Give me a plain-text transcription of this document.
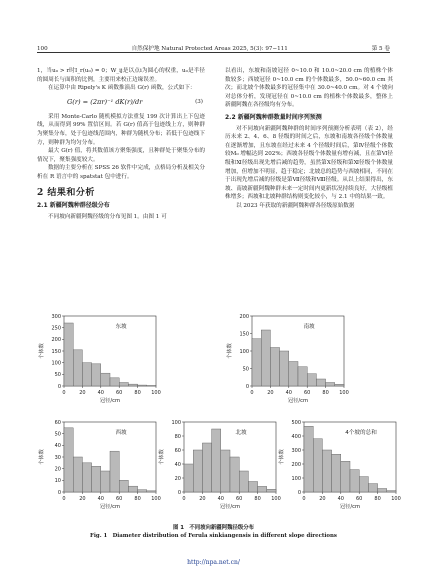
100	自然保护地 Natural Protected Areas 2025, 5(3): 97−111	第 5 卷

1，当u₀ > r时I_r(u₀) = 0；W_ij是以点i为圆心的权重，u₀是半径的圆周长与面积的比例，主要用来校正边缘误差。

在运算中由 Ripely's K 函数推演出 G(r) 函数，公式如下：

G(r) = (2πr)⁻¹ dK(r)/dr	(3)

采用 Monte-Carlo 随机模拟方法重复 199 次计算出上下包迹线，从而得到 99% 置信区间。若 G(r) 值高于包迹线上方，则种群为聚集分布，处于包迹线范围内，种群为随机分布；若低于包迹线下方，则种群为均匀分布。

最大 G(r) 值，将其数值该方聚集强度，且种群处于聚集分布的情况下，聚集强度较大。

数据的主要分析在 SPSS 26 软件中完成，点格局分析及相关分析在 R 语言中的 spatstat 包中进行。

2 结果和分析
2.1 新疆阿魏种群径级分布

不同坡向新疆阿魏径级的分布见图 1。由图 1 可

以看出，东坡和南坡冠径 0~10.0 和 10.0~20.0 cm 的植株个体数较多；西坡冠径 0~10.0 cm 的个体数最多，50.0~60.0 cm 其次；而北坡个体数最多的冠径集中在 30.0~40.0 cm。对 4 个坡向对总体分析，发现冠径在 0~10.0 cm 的植株个体数最多，整体上新疆阿魏在各径级均有分布。

2.2 新疆阿魏种群数量时间序列预测

对不同坡向新疆阿魏种群的时间序列预测分析表明（表 2），经历未来 2、4、6、8 径级的时间之后，东坡和南坡各径级个体数量在逐渐增加，且东坡在经过未来 4 个径级时间后，第Ⅳ径级个体数较M₀ 增幅达到 202%；西坡各径级个体数量有增有减，且在第Ⅵ径级和Ⅺ径级出现先增后减的趋势，虽然第Ⅹ径级和第Ⅺ径级个体数量增加，但增加不明显，趋于稳定；北坡总的趋势与西坡相同，不同在于出现先增后减的径级是第Ⅶ径级和Ⅷ径级。从以上结果得出，东坡、南坡新疆阿魏种群未来一定时间内更新状况持续良好，大径级植株增多；西坡和北坡种群结构则变化较小，与 2.1 中的结果一致。

以 2023 年获取的新疆阿魏种群各径级原始数据

0	20 40 60 80 100
0
50
100
150
200
250
300
冠径/cm
个体数
东坡
0	20 40 60 80 100
0
50
100
150
200
冠径/cm
个体数
南坡
0	20 40 60 80 100
0
10
20
30
40
50
60
冠径/cm
个体数
西坡
0	20 40 60 80 100
0
20
40
60
80
100
冠径/cm
个体数
北坡
0	20 40 60 80 100
0
100
200
300
400
500
冠径/cm
个体数
4个坡的总和
图 1　不同坡向新疆阿魏径级分布
Fig. 1　Diameter distribution of Ferula sinkiangensis in different slope directions
http://npa.net.cn/
